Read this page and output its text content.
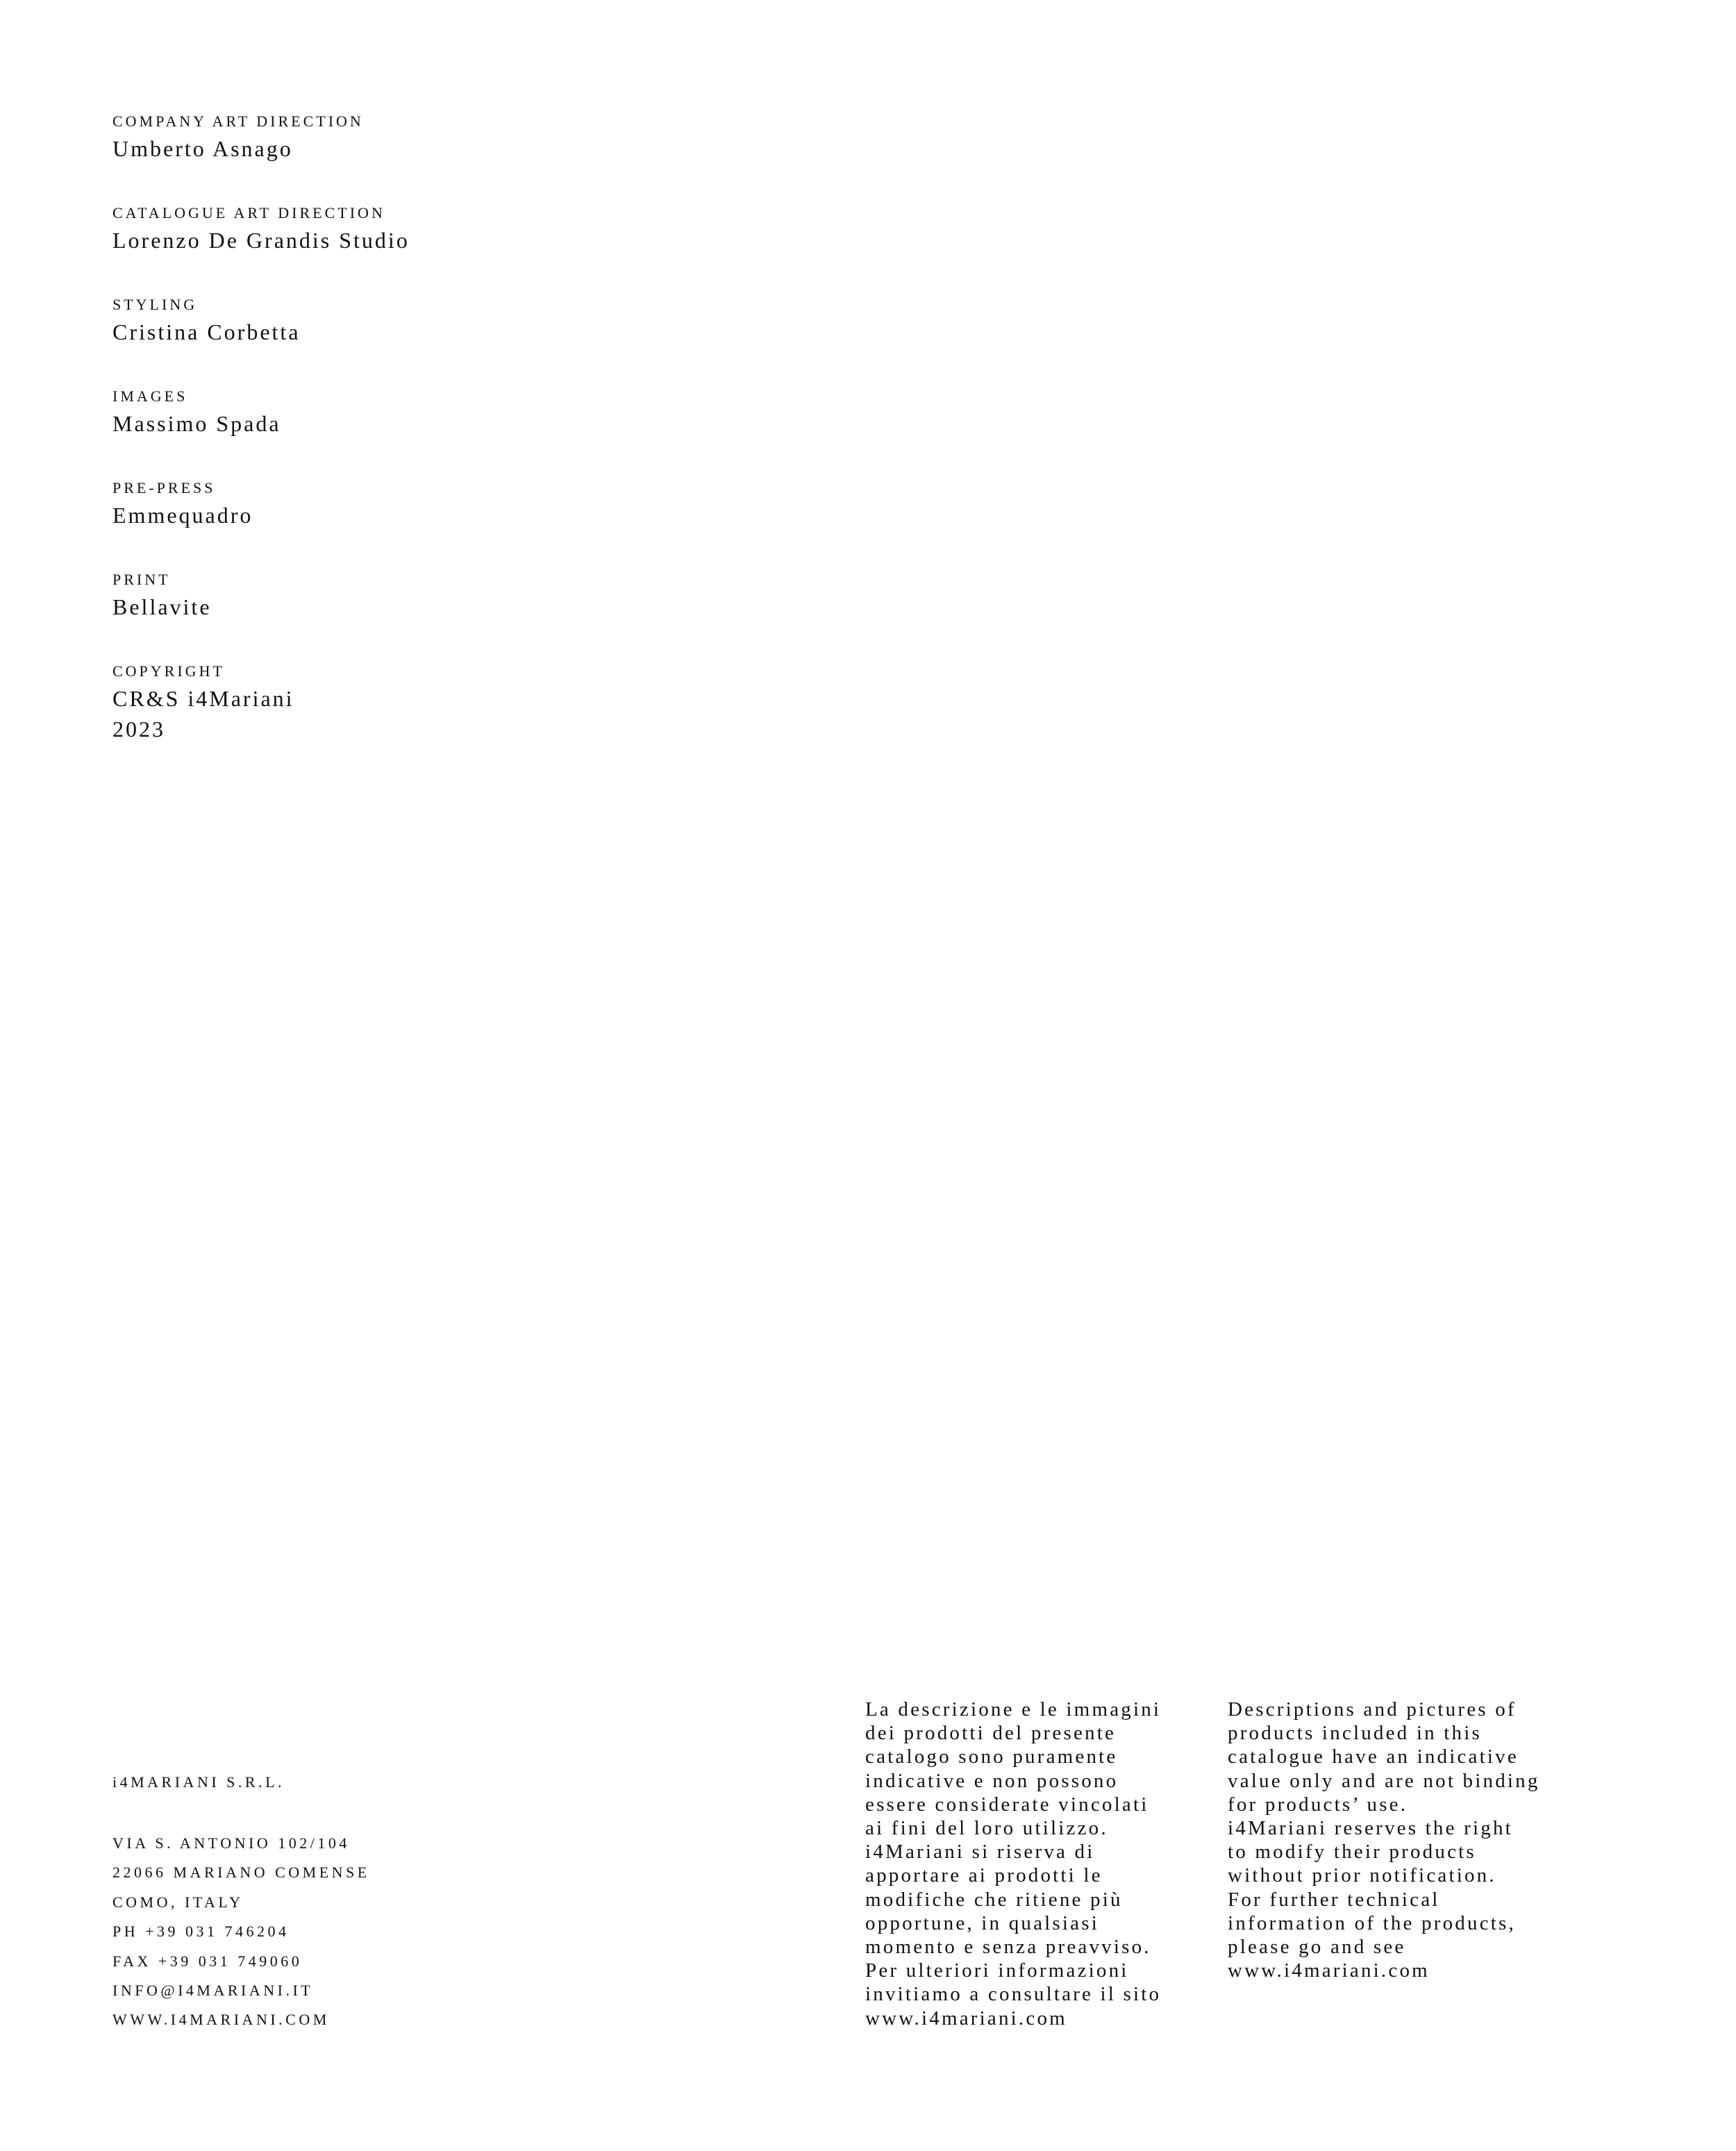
COMPANY ART DIRECTION
Umberto Asnago
CATALOGUE ART DIRECTION
Lorenzo De Grandis Studio
STYLING
Cristina Corbetta
IMAGES
Massimo Spada
PRE-PRESS
Emmequadro
PRINT
Bellavite
COPYRIGHT
CR&S i4Mariani
2023
i4MARIANI S.R.L.
VIA S. ANTONIO 102/104
22066 MARIANO COMENSE
COMO, ITALY
PH +39 031 746204
FAX +39 031 749060
INFO@I4MARIANI.IT
WWW.I4MARIANI.COM
La descrizione e le immagini
dei prodotti del presente
catalogo sono puramente
indicative e non possono
essere considerate vincolati
ai fini del loro utilizzo.
i4Mariani si riserva di
apportare ai prodotti le
modifiche che ritiene più
opportune, in qualsiasi
momento e senza preavviso.
Per ulteriori informazioni
invitiamo a consultare il sito
www.i4mariani.com
Descriptions and pictures of
products included in this
catalogue have an indicative
value only and are not binding
for products’ use.
i4Mariani reserves the right
to modify their products
without prior notification.
For further technical
information of the products,
please go and see
www.i4mariani.com
